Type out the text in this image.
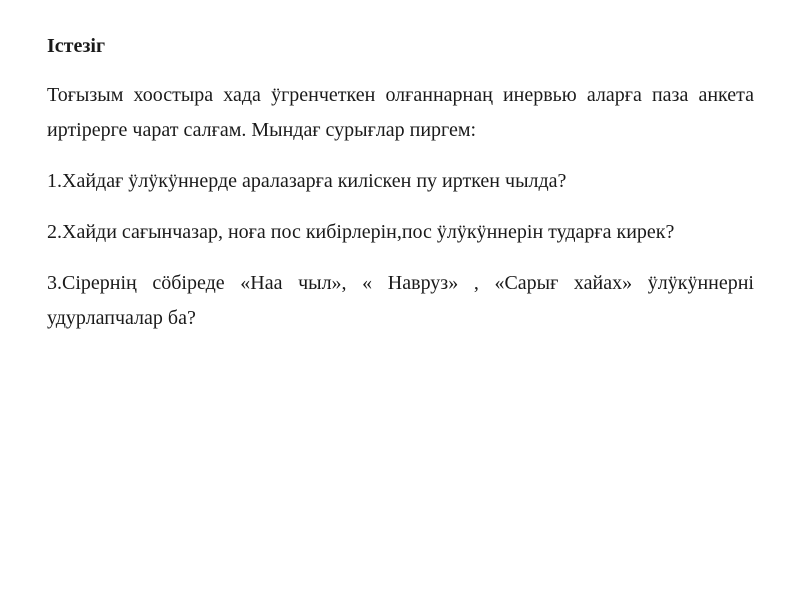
Істезіг

Тоғызым хоостыра хада ӱгренчеткен олғаннарнаң инервью аларға паза анкета иртірерге чарат салғам. Мындағ сурығлар пиргем:

1.Хайдағ ӱлӱкӱннерде аралазарға киліскен пу ирткен чылда?

2.Хайди сағынчазар, ноға пос кибірлерін,пос ӱлӱкӱннерін тударға кирек?

3.Сірернің сӧбіреде «Наа чыл», « Навруз» , «Сарығ хайах» ӱлӱкӱннерні удурлапчалар ба?
